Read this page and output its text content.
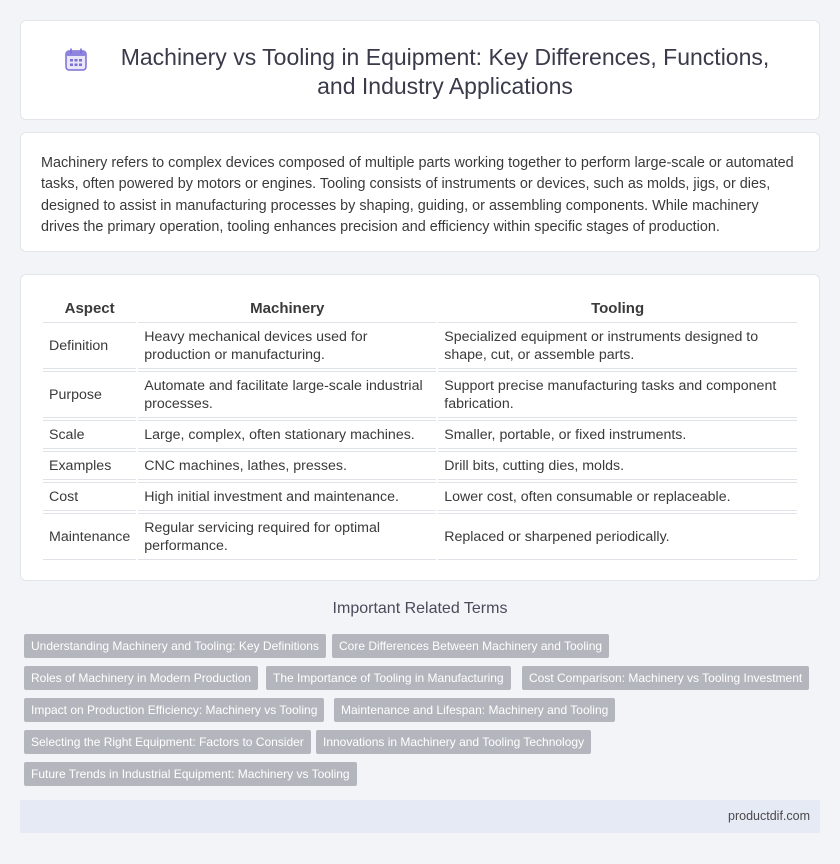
Machinery vs Tooling in Equipment: Key Differences, Functions, and Industry Applications

Machinery refers to complex devices composed of multiple parts working together to perform large-scale or automated tasks, often powered by motors or engines. Tooling consists of instruments or devices, such as molds, jigs, or dies, designed to assist in manufacturing processes by shaping, guiding, or assembling components. While machinery drives the primary operation, tooling enhances precision and efficiency within specific stages of production.

Aspect	Machinery	Tooling
Definition	Heavy mechanical devices used for production or manufacturing.	Specialized equipment or instruments designed to shape, cut, or assemble parts.
Purpose	Automate and facilitate large-scale industrial processes.	Support precise manufacturing tasks and component fabrication.
Scale	Large, complex, often stationary machines.	Smaller, portable, or fixed instruments.
Examples	CNC machines, lathes, presses.	Drill bits, cutting dies, molds.
Cost	High initial investment and maintenance.	Lower cost, often consumable or replaceable.
Maintenance	Regular servicing required for optimal performance.	Replaced or sharpened periodically.
Important Related Terms
Understanding Machinery and Tooling: Key Definitions	Core Differences Between Machinery and Tooling
Roles of Machinery in Modern Production	The Importance of Tooling in Manufacturing	Cost Comparison: Machinery vs Tooling Investment
Impact on Production Efficiency: Machinery vs Tooling	Maintenance and Lifespan: Machinery and Tooling
Selecting the Right Equipment: Factors to Consider	Innovations in Machinery and Tooling Technology
Future Trends in Industrial Equipment: Machinery vs Tooling
productdif.com
